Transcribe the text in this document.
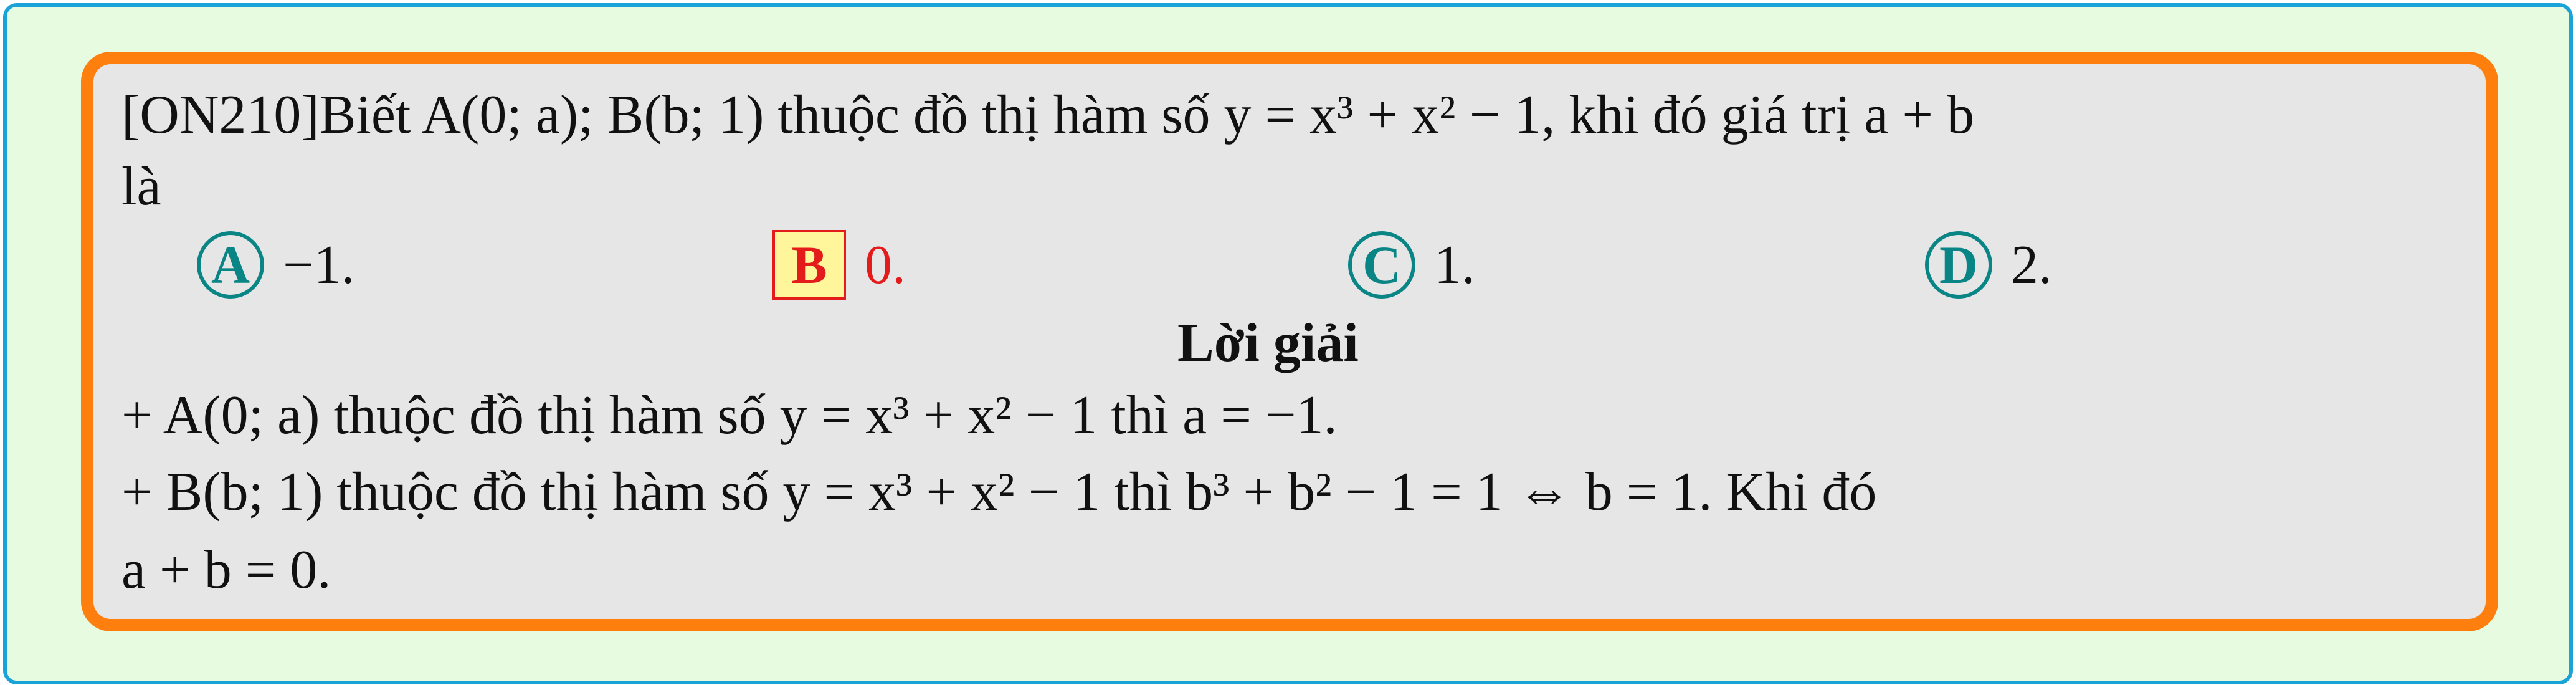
[ON210]Biết A(0; a); B(b; 1) thuộc đồ thị hàm số y = x³ + x² − 1, khi đó giá trị a + b
là
A −1.	B 0.	C 1.	D 2.
Lời giải
+ A(0; a) thuộc đồ thị hàm số y = x³ + x² − 1 thì a = −1.
+ B(b; 1) thuộc đồ thị hàm số y = x³ + x² − 1 thì b³ + b² − 1 = 1 ⇔ b = 1. Khi đó
a + b = 0.
